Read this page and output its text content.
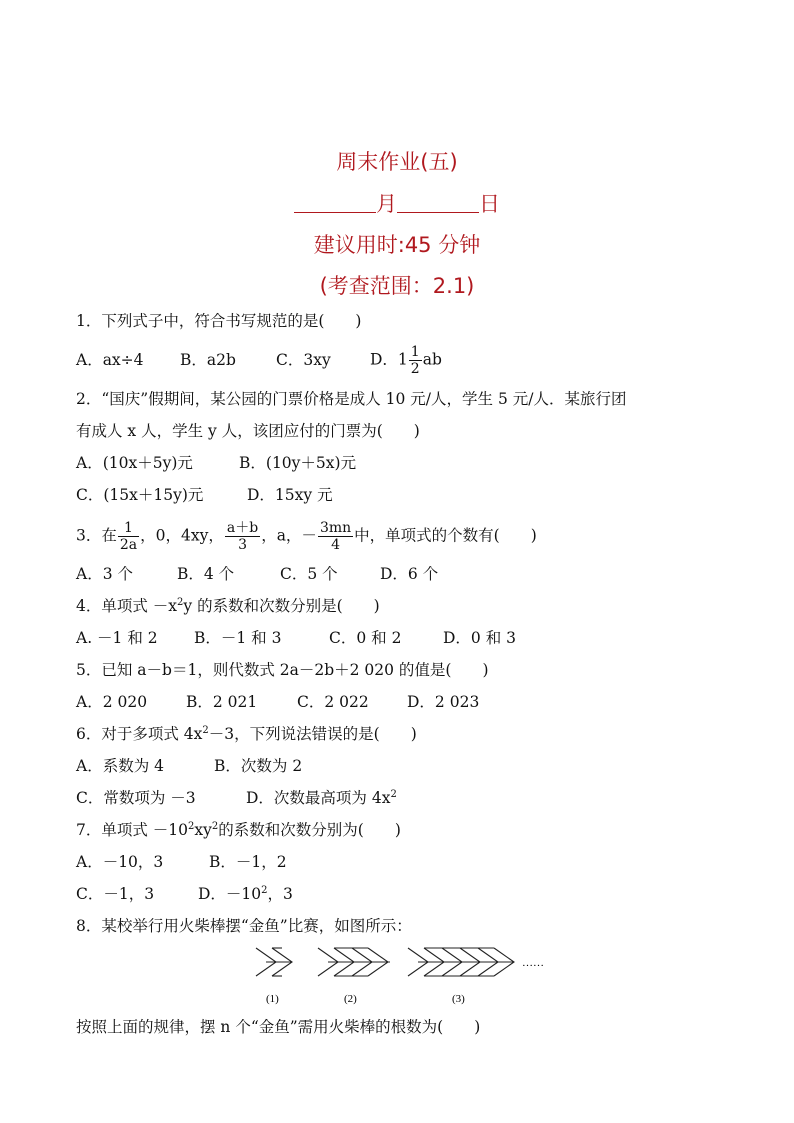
周末作业(五)
月	日
建议用时:45 分钟
(考查范围：2.1)
1．下列式子中，符合书写规范的是(　　)
A．ax÷4 B．a2b	C．3xy	D．$1 \frac{1}{2}$ ab
2．“国庆”假期间，某公园的门票价格是成人 10 元/人，学生 5 元/人．某旅行团
有成人 x 人，学生 y 人，该团应付的门票为(　　)
A．(10x＋5y)元	B．(10y＋5x)元
C．(15x＋15y)元	D．15xy 元
3．在 $\frac{1}{2a}$ ，0，4xy， $\frac{a+b}{3}$ ，a，－ $\frac{3mn}{4}$ 中，单项式的个数有(　　)
A．3 个	B．4 个	C．5 个	D．6 个
4．单项式 $-x^2y$ 的系数和次数分别是(　　)
A. －1 和 2 B．－1 和 3	C．0 和 2	D．0 和 3
5．已知 a－b＝1，则代数式 2a－2b＋2 020 的值是(　　)
A．2 020	B．2 021	C．2 022 D．2 023
6．对于多项式 $4x^2-3$，下列说法错误的是(　　)
A．系数为 4	B．次数为 2
C．常数项为 －3	D．次数最高项为 $4x^2$
7．单项式 $-10^2xy^2$的系数和次数分别为(　　)
A．－10，3	B．－1，2
C．－1，3	D．$-10^2$，3
8．某校举行用火柴棒摆“金鱼”比赛，如图所示：
……
(1)	(2)	(3)
按照上面的规律，摆 n 个“金鱼”需用火柴棒的根数为(　　)
